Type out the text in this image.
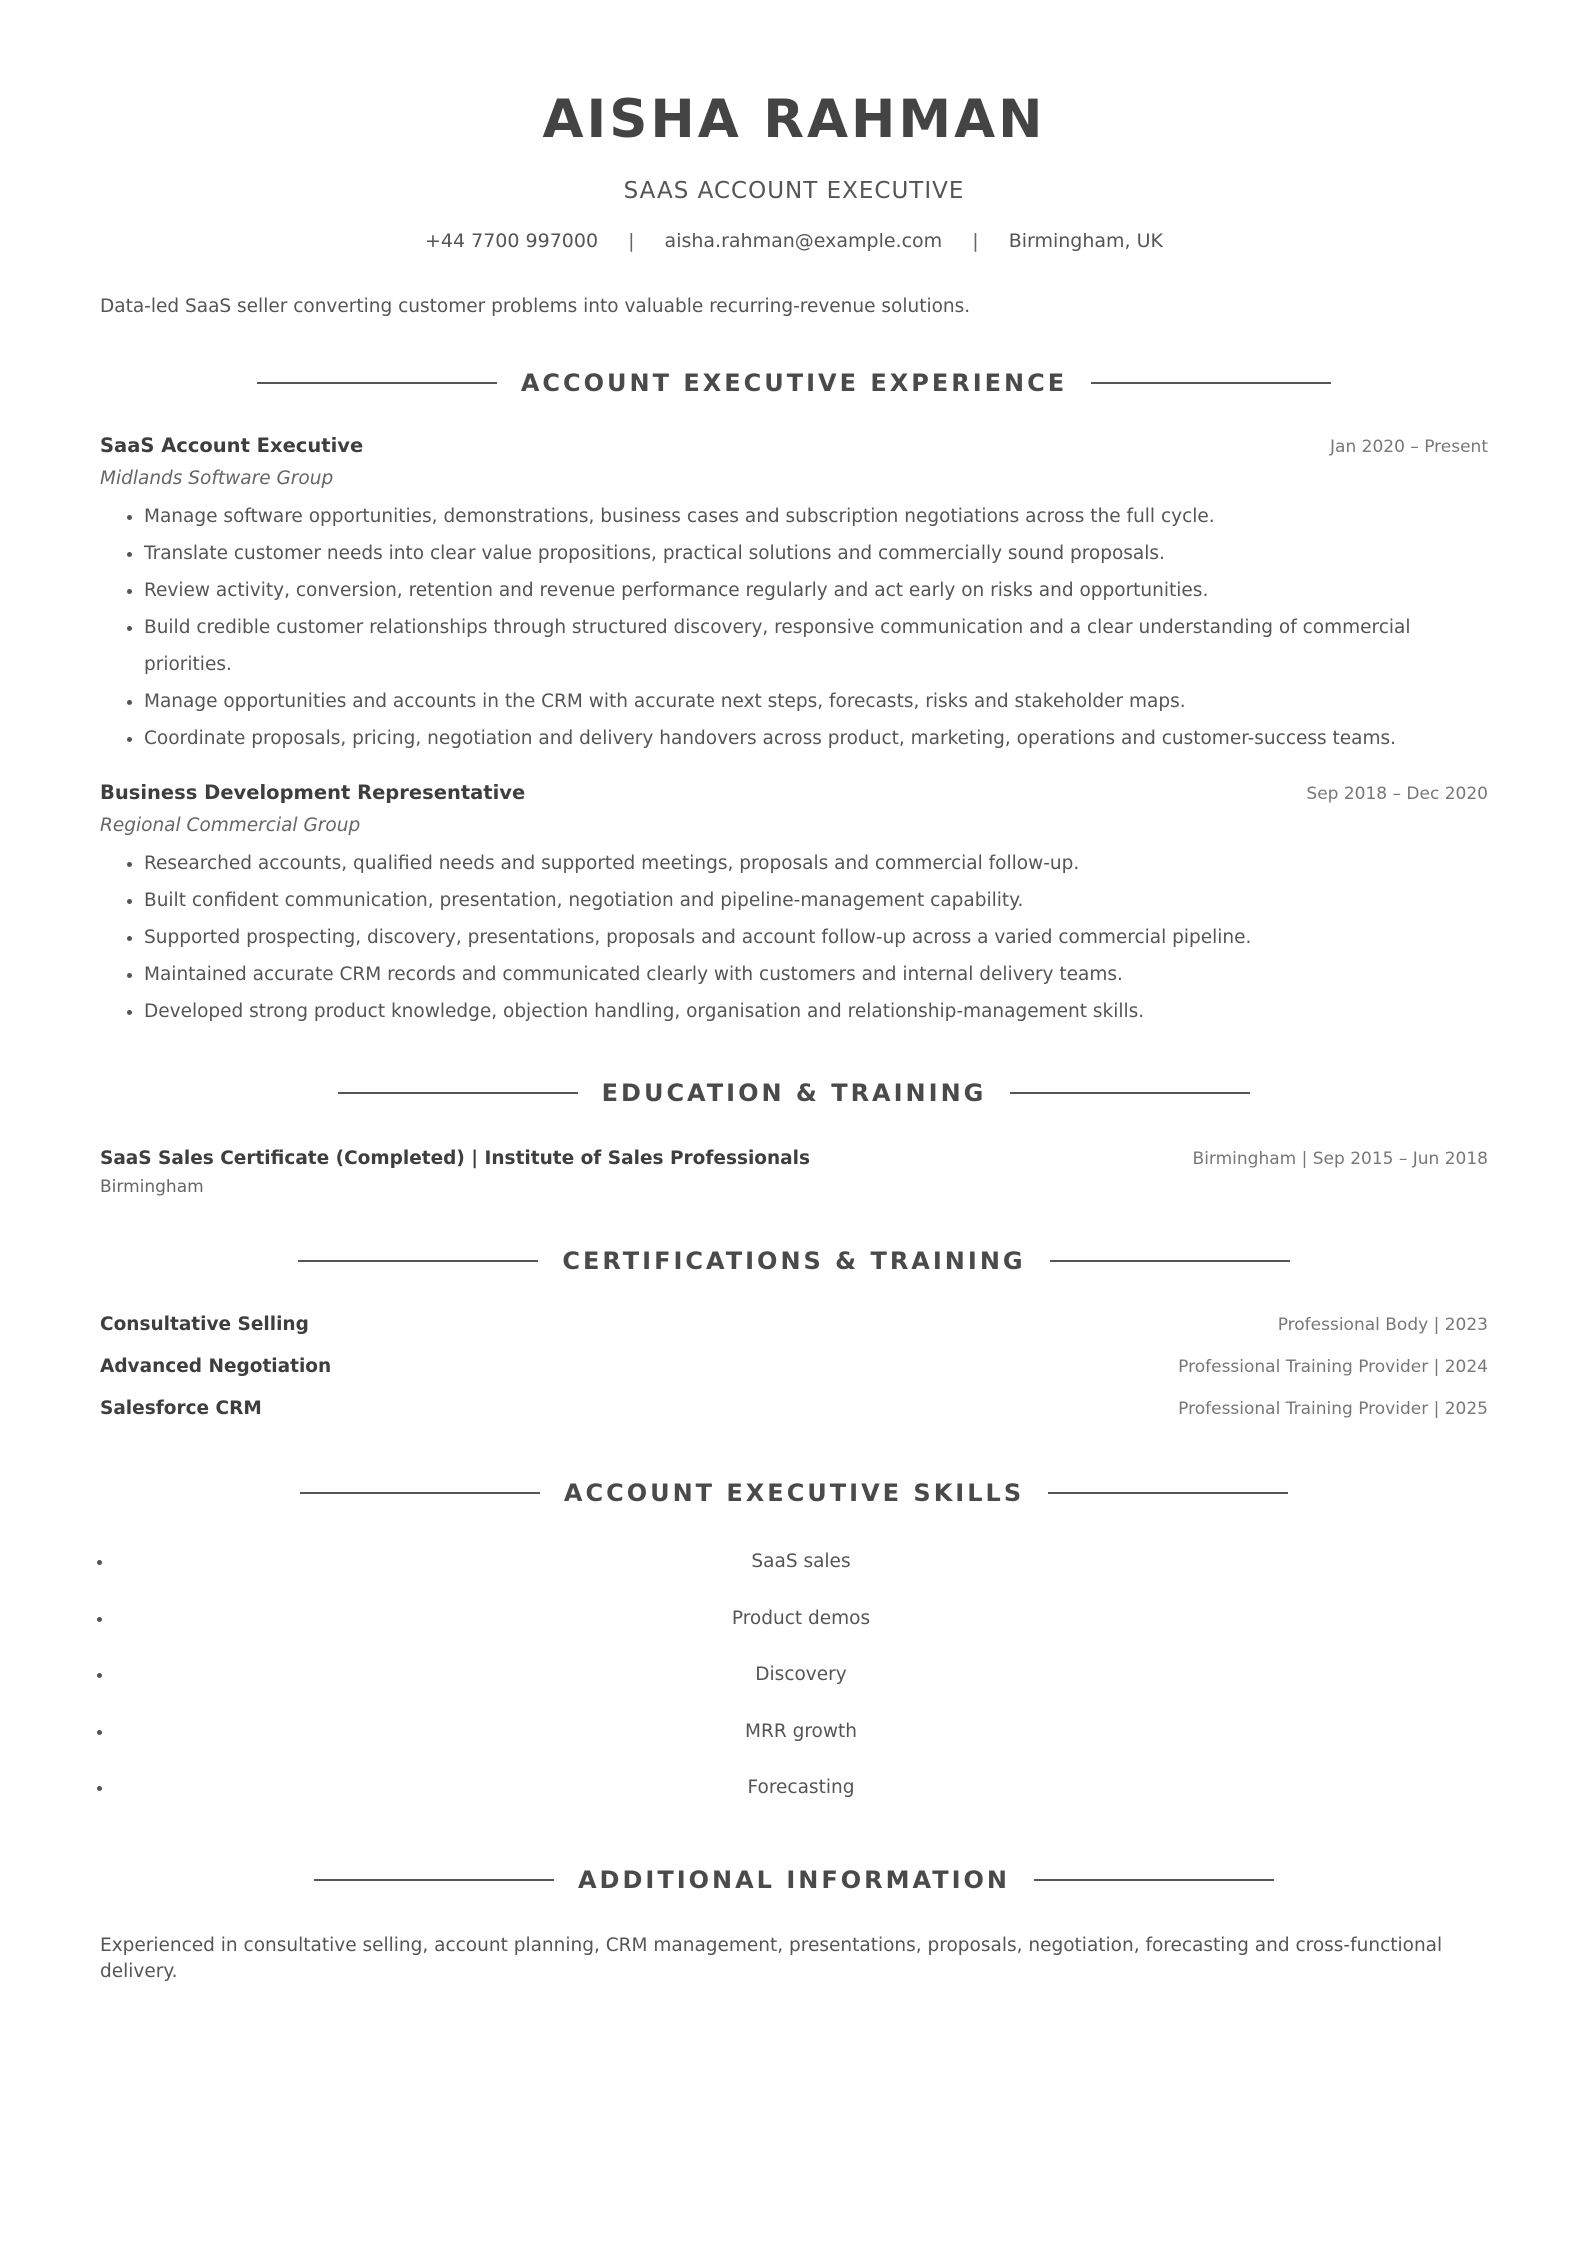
AISHA RAHMAN
SAAS ACCOUNT EXECUTIVE
+44 7700 997000 | aisha.rahman@example.com | Birmingham, UK
Data-led SaaS seller converting customer problems into valuable recurring-revenue solutions.
ACCOUNT EXECUTIVE EXPERIENCE
SaaS Account Executive	Jan 2020 – Present
Midlands Software Group
• Manage software opportunities, demonstrations, business cases and subscription negotiations across the full cycle.
• Translate customer needs into clear value propositions, practical solutions and commercially sound proposals.
• Review activity, conversion, retention and revenue performance regularly and act early on risks and opportunities.
• Build credible customer relationships through structured discovery, responsive communication and a clear understanding of commercial priorities.
• Manage opportunities and accounts in the CRM with accurate next steps, forecasts, risks and stakeholder maps.
• Coordinate proposals, pricing, negotiation and delivery handovers across product, marketing, operations and customer-success teams.
Business Development Representative	Sep 2018 – Dec 2020
Regional Commercial Group
• Researched accounts, qualified needs and supported meetings, proposals and commercial follow-up.
• Built confident communication, presentation, negotiation and pipeline-management capability.
• Supported prospecting, discovery, presentations, proposals and account follow-up across a varied commercial pipeline.
• Maintained accurate CRM records and communicated clearly with customers and internal delivery teams.
• Developed strong product knowledge, objection handling, organisation and relationship-management skills.
EDUCATION & TRAINING
SaaS Sales Certificate (Completed) | Institute of Sales Professionals	Birmingham | Sep 2015 – Jun 2018
Birmingham
CERTIFICATIONS & TRAINING
Consultative Selling	Professional Body | 2023
Advanced Negotiation	Professional Training Provider | 2024
Salesforce CRM	Professional Training Provider | 2025
ACCOUNT EXECUTIVE SKILLS
• SaaS sales
• Product demos
• Discovery
• MRR growth
• Forecasting
ADDITIONAL INFORMATION
Experienced in consultative selling, account planning, CRM management, presentations, proposals, negotiation, forecasting and cross-functional delivery.
